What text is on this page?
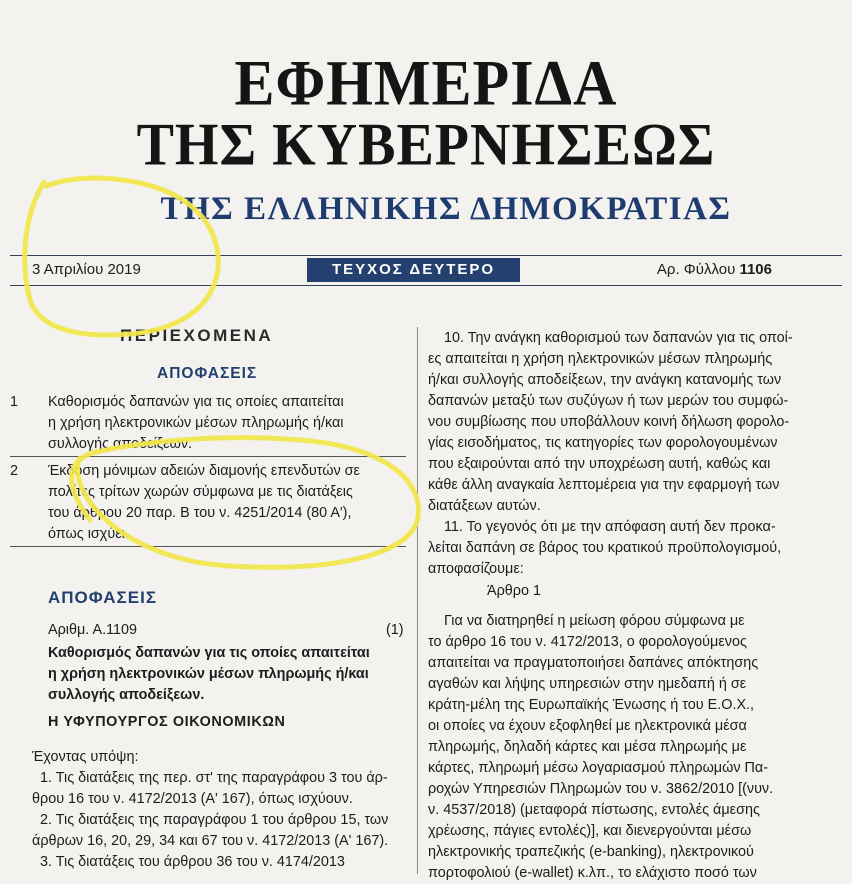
ΕΦΗΜΕΡΙΔΑ
ΤΗΣ ΚΥΒΕΡΝΗΣΕΩΣ
ΤΗΣ ΕΛΛΗΝΙΚΗΣ ΔΗΜΟΚΡΑΤΙΑΣ
3 Απριλίου 2019	ΤΕΥΧΟΣ ΔΕΥΤΕΡΟ	Αρ. Φύλλου 1106
ΠΕΡΙΕΧΟΜΕΝΑ
ΑΠΟΦΑΣΕΙΣ
1	Καθορισμός δαπανών για τις οποίες απαιτείται
η χρήση ηλεκτρονικών μέσων πληρωμής ή/και
συλλογής αποδείξεων.
2	Έκδοση μόνιμων αδειών διαμονής επενδυτών σε
πολίτες τρίτων χωρών σύμφωνα με τις διατάξεις
του άρθρου 20 παρ. Β του ν. 4251/2014 (80 Α'),
όπως ισχύει.
ΑΠΟΦΑΣΕΙΣ
Αριθμ. Α.1109	(1)
Καθορισμός δαπανών για τις οποίες απαιτείται
η χρήση ηλεκτρονικών μέσων πληρωμής ή/και
συλλογής αποδείξεων.
Η ΥΦΥΠΟΥΡΓΟΣ ΟΙΚΟΝΟΜΙΚΩΝ
Έχοντας υπόψη:
1. Τις διατάξεις της περ. στ' της παραγράφου 3 του άρ-
θρου 16 του ν. 4172/2013 (Α' 167), όπως ισχύουν.
2. Τις διατάξεις της παραγράφου 1 του άρθρου 15, των
άρθρων 16, 20, 29, 34 και 67 του ν. 4172/2013 (Α' 167).
3. Τις διατάξεις του άρθρου 36 του ν. 4174/2013
10. Την ανάγκη καθορισμού των δαπανών για τις οποί-
ες απαιτείται η χρήση ηλεκτρονικών μέσων πληρωμής
ή/και συλλογής αποδείξεων, την ανάγκη κατανομής των
δαπανών μεταξύ των συζύγων ή των μερών του συμφώ-
νου συμβίωσης που υποβάλλουν κοινή δήλωση φορολο-
γίας εισοδήματος, τις κατηγορίες των φορολογουμένων
που εξαιρούνται από την υποχρέωση αυτή, καθώς και
κάθε άλλη αναγκαία λεπτομέρεια για την εφαρμογή των
διατάξεων αυτών.
11. Το γεγονός ότι με την απόφαση αυτή δεν προκα-
λείται δαπάνη σε βάρος του κρατικού προϋπολογισμού,
αποφασίζουμε:
Άρθρο 1
Για να διατηρηθεί η μείωση φόρου σύμφωνα με
το άρθρο 16 του ν. 4172/2013, ο φορολογούμενος
απαιτείται να πραγματοποιήσει δαπάνες απόκτησης
αγαθών και λήψης υπηρεσιών στην ημεδαπή ή σε
κράτη-μέλη της Ευρωπαϊκής Ένωσης ή του Ε.Ο.Χ.,
οι οποίες να έχουν εξοφληθεί με ηλεκτρονικά μέσα
πληρωμής, δηλαδή κάρτες και μέσα πληρωμής με
κάρτες, πληρωμή μέσω λογαριασμού πληρωμών Πα-
ροχών Υπηρεσιών Πληρωμών του ν. 3862/2010 [(νυν.
ν. 4537/2018) (μεταφορά πίστωσης, εντολές άμεσης
χρέωσης, πάγιες εντολές)], και διενεργούνται μέσω
ηλεκτρονικής τραπεζικής (e-banking), ηλεκτρονικού
πορτοφολιού (e-wallet) κ.λπ., το ελάχιστο ποσό των
